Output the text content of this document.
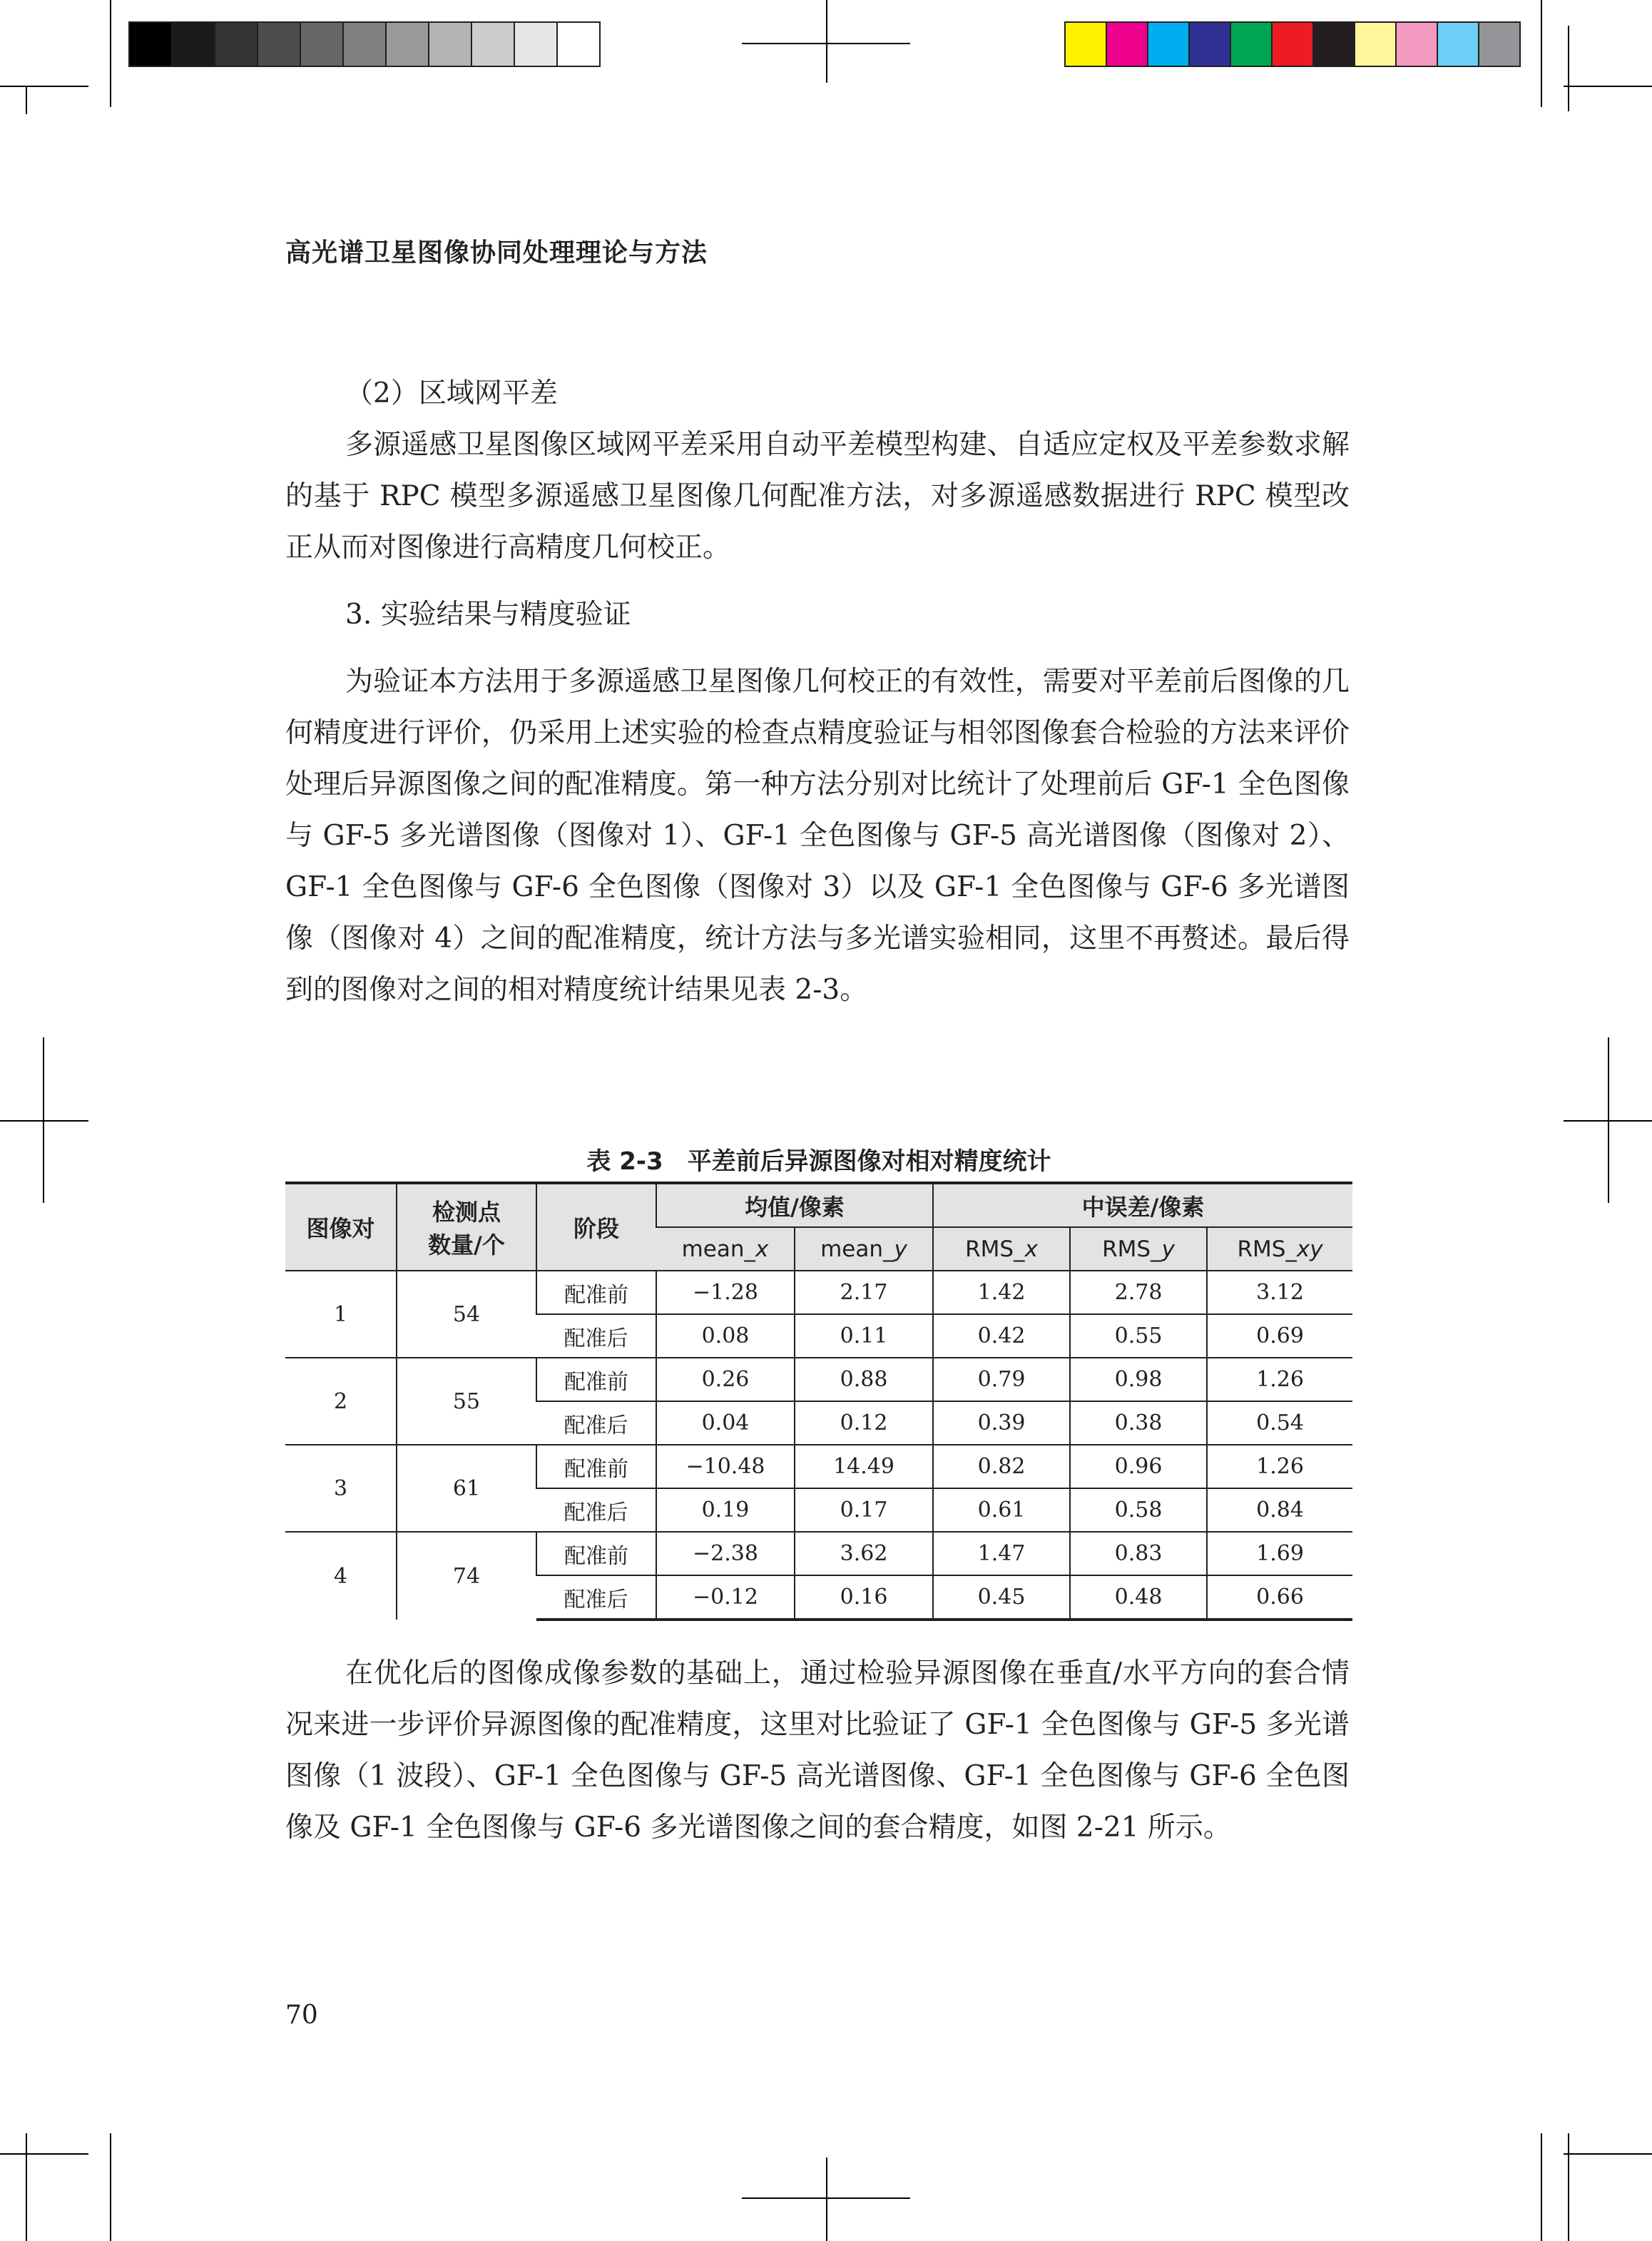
高光谱卫星图像协同处理理论与方法

（2）区域网平差

多源遥感卫星图像区域网平差采用自动平差模型构建、自适应定权及平差参数求解的基于 RPC 模型多源遥感卫星图像几何配准方法，对多源遥感数据进行 RPC 模型改正从而对图像进行高精度几何校正。

3. 实验结果与精度验证

为验证本方法用于多源遥感卫星图像几何校正的有效性，需要对平差前后图像的几何精度进行评价，仍采用上述实验的检查点精度验证与相邻图像套合检验的方法来评价处理后异源图像之间的配准精度。第一种方法分别对比统计了处理前后 GF-1 全色图像与 GF-5 多光谱图像（图像对 1）、GF-1 全色图像与 GF-5 高光谱图像（图像对 2）、GF-1 全色图像与 GF-6 全色图像（图像对 3）以及 GF-1 全色图像与 GF-6 多光谱图像（图像对 4）之间的配准精度，统计方法与多光谱实验相同，这里不再赘述。最后得到的图像对之间的相对精度统计结果见表 2-3。

表 2-3　平差前后异源图像对相对精度统计
图像对	检测点
数量/个	阶段	均值/像素		中误差/像素		
			mean_x	mean_y	RMS_x	RMS_y	RMS_xy
1	54	配准前	−1.28	2.17	1.42	2.78	3.12
		配准后	0.08	0.11	0.42	0.55	0.69
2	55	配准前	0.26	0.88	0.79	0.98	1.26
		配准后	0.04	0.12	0.39	0.38	0.54
3	61	配准前	−10.48	14.49	0.82	0.96	1.26
		配准后	0.19	0.17	0.61	0.58	0.84
4	74	配准前	−2.38	3.62	1.47	0.83	1.69
		配准后	−0.12	0.16	0.45	0.48	0.66

在优化后的图像成像参数的基础上，通过检验异源图像在垂直/水平方向的套合情况来进一步评价异源图像的配准精度，这里对比验证了 GF-1 全色图像与 GF-5 多光谱图像（1 波段）、GF-1 全色图像与 GF-5 高光谱图像、GF-1 全色图像与 GF-6 全色图像及 GF-1 全色图像与 GF-6 多光谱图像之间的套合精度，如图 2-21 所示。

70
